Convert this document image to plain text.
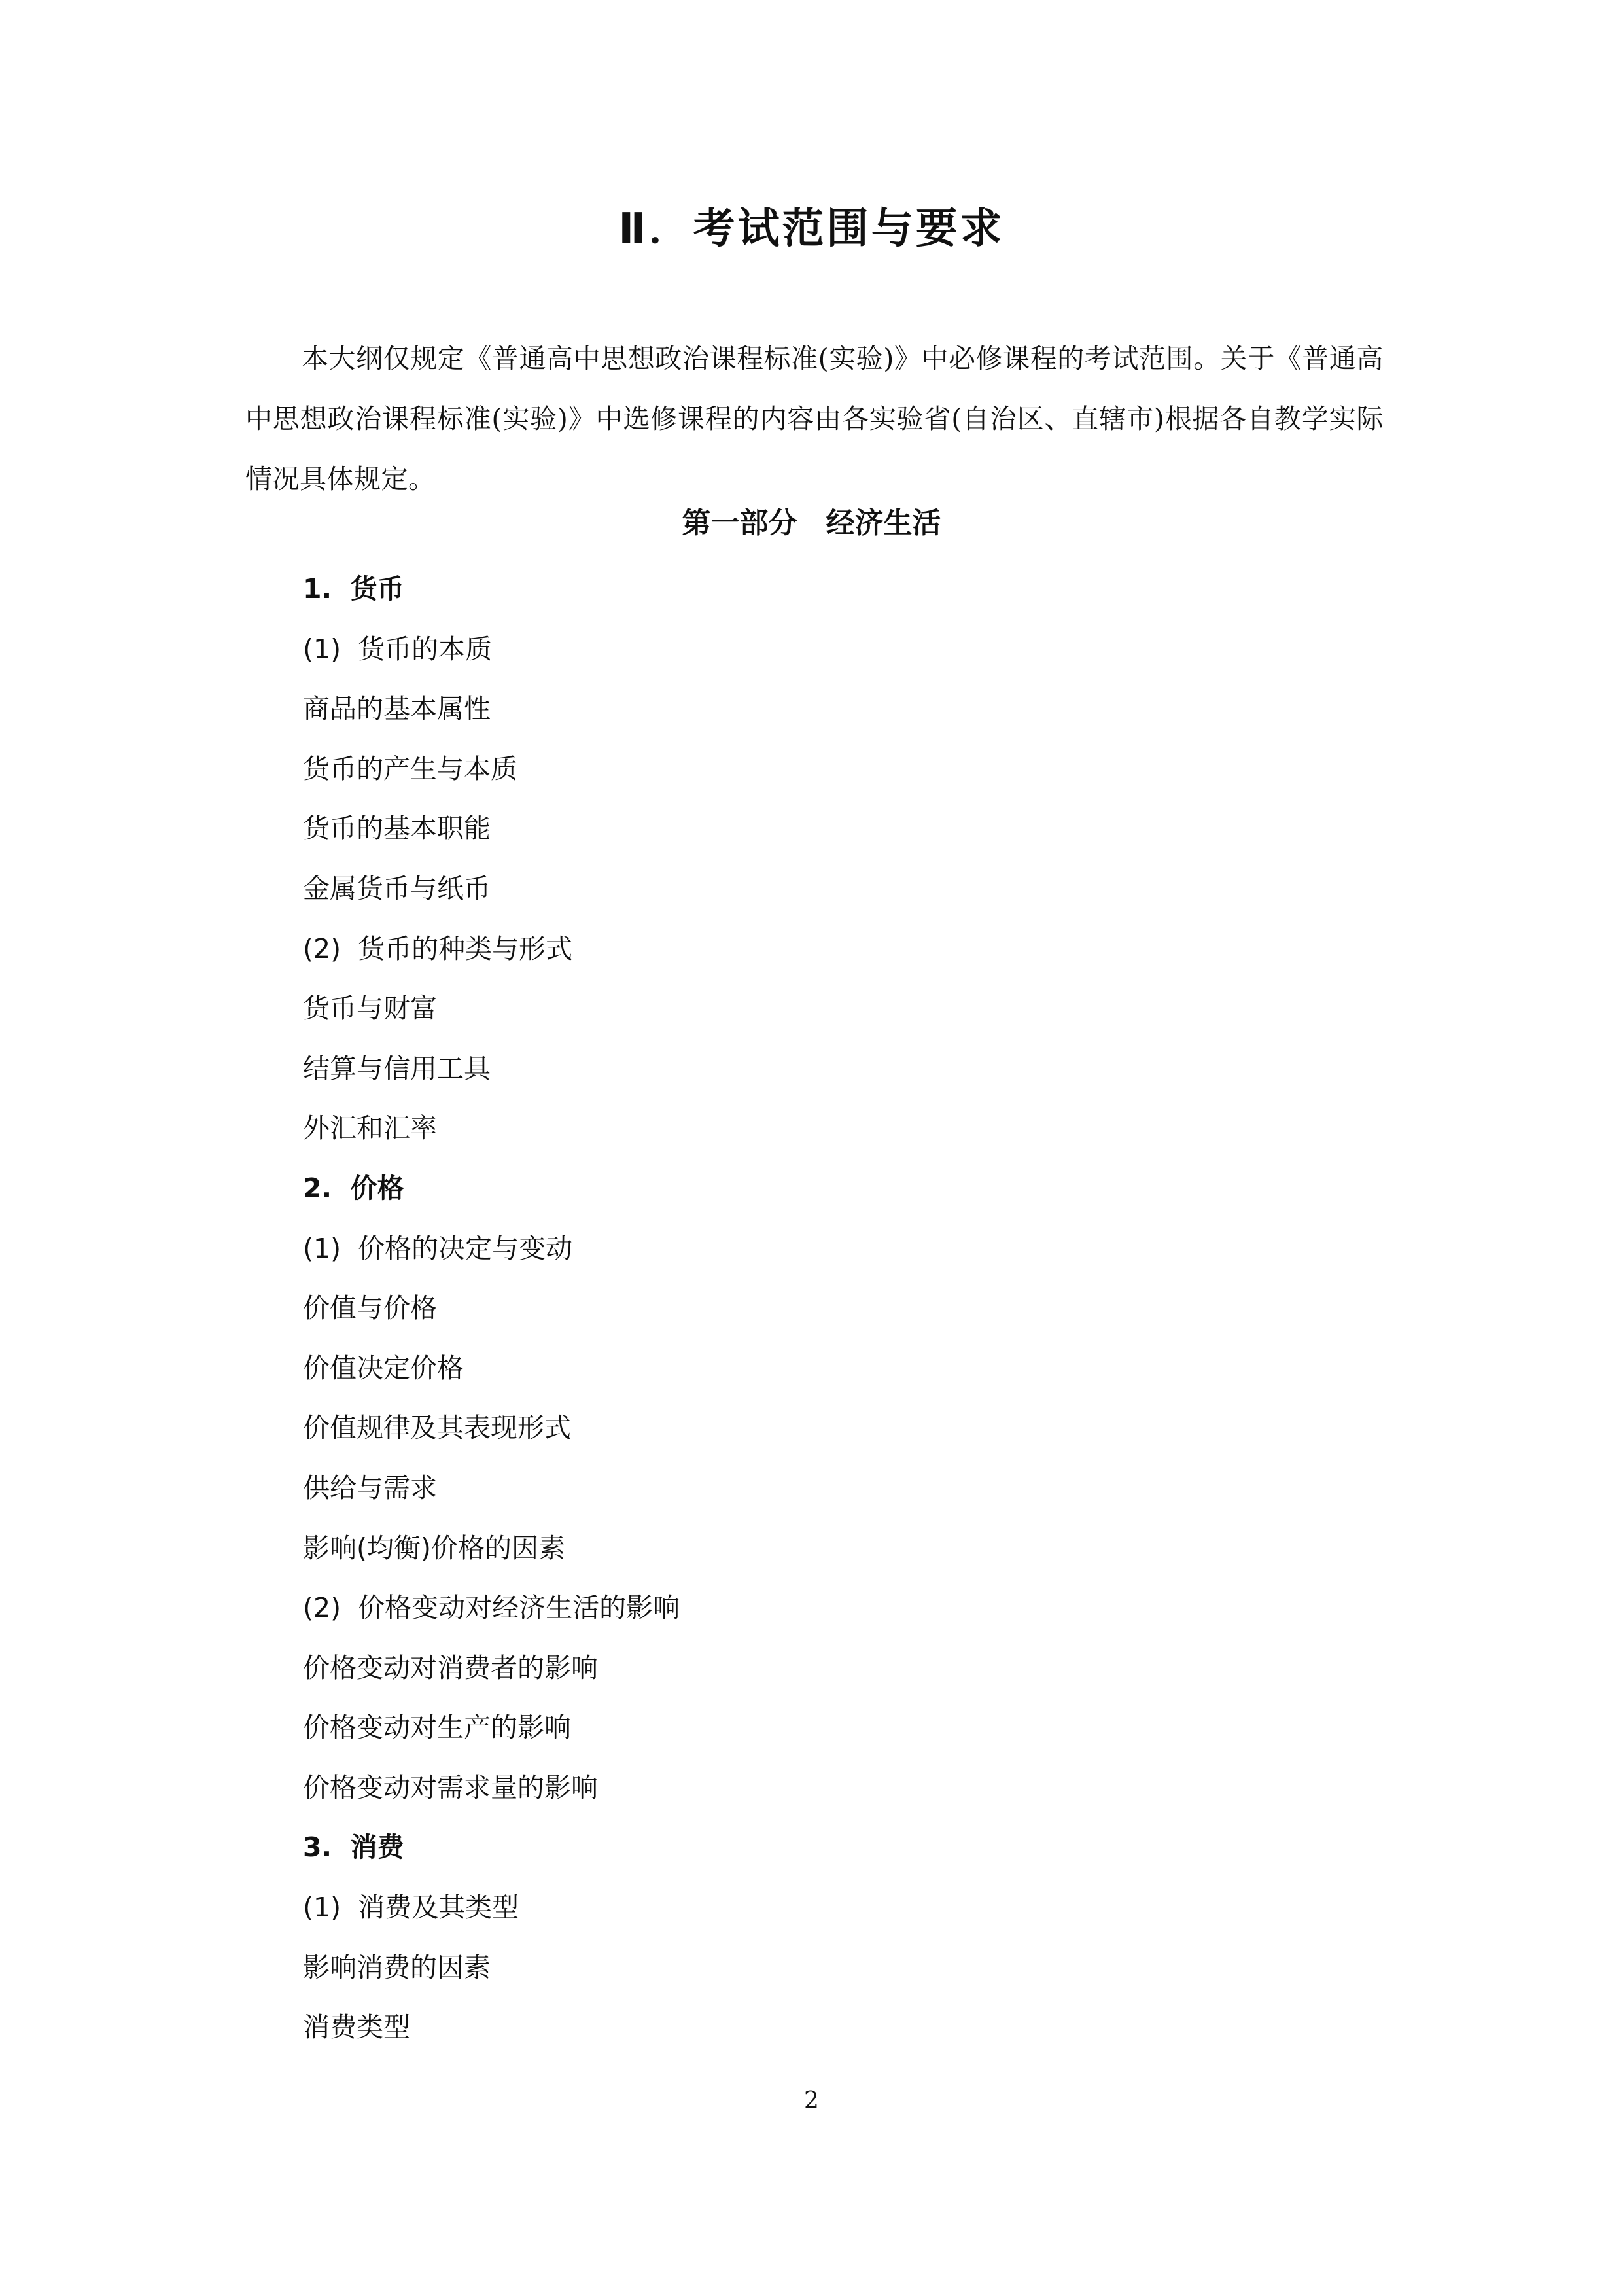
Ⅱ．考试范围与要求

本大纲仅规定《普通高中思想政治课程标准(实验)》中必修课程的考试范围。关于《普通高中思想政治课程标准(实验)》中选修课程的内容由各实验省(自治区、直辖市)根据各自教学实际情况具体规定。

第一部分　经济生活
1.  货币
(1)  货币的本质
商品的基本属性
货币的产生与本质
货币的基本职能
金属货币与纸币
(2)  货币的种类与形式
货币与财富
结算与信用工具
外汇和汇率
2.  价格
(1)  价格的决定与变动
价值与价格
价值决定价格
价值规律及其表现形式
供给与需求
影响(均衡)价格的因素
(2)  价格变动对经济生活的影响
价格变动对消费者的影响
价格变动对生产的影响
价格变动对需求量的影响
3.  消费
(1)  消费及其类型
影响消费的因素
消费类型

2
